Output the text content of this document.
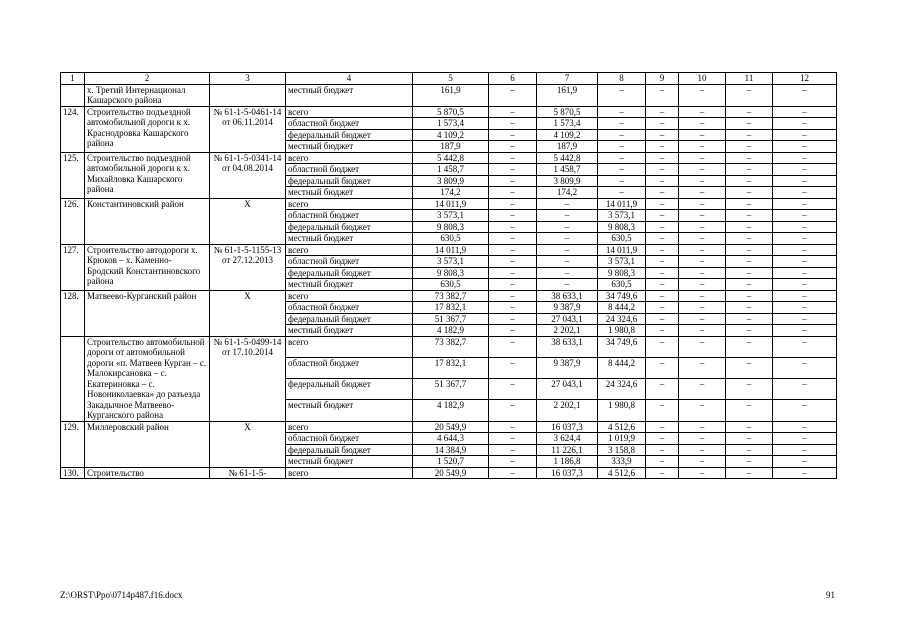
1	2	3	4	5	6	7	8	9	10	11	12
	х. Третий Интернационал Кашарского района		местный бюджет	161,9	–	161,9	–	–	–	–	–
124.	Строительство подъездной автомобильной дороги к х. Краснодровка Кашарского района	№ 61-1-5-0461-14 от 06.11.2014	всего	5 870,5	–	5 870,5	–	–	–	–	–
			областной бюджет	1 573,4	–	1 573,4	–	–	–	–	–
			федеральный бюджет	4 109,2	–	4 109,2	–	–	–	–	–
			местный бюджет	187,9	–	187,9	–	–	–	–	–
125.	Строительство подъездной автомобильной дороги к х. Михайловка Кашарского района	№ 61-1-5-0341-14 от 04.08.2014	всего	5 442,8	–	5 442,8	–	–	–	–	–
			областной бюджет	1 458,7	–	1 458,7	–	–	–	–	–
			федеральный бюджет	3 809,9	–	3 809,9	–	–	–	–	–
			местный бюджет	174,2	–	174,2	–	–	–	–	–
126.	Константиновский район	Х	всего	14 011,9	–	–	14 011,9	–	–	–	–
			областной бюджет	3 573,1	–	–	3 573,1	–	–	–	–
			федеральный бюджет	9 808,3	–	–	9 808,3	–	–	–	–
			местный бюджет	630,5	–	–	630,5	–	–	–	–
127.	Строительство автодороги х. Крюков – х. Каменно-Бродский Константиновского района	№ 61-1-5-1155-13 от 27.12.2013	всего	14 011,9	–	–	14 011,9	–	–	–	–
			областной бюджет	3 573,1	–	–	3 573,1	–	–	–	–
			федеральный бюджет	9 808,3	–	–	9 808,3	–	–	–	–
			местный бюджет	630,5	–	–	630,5	–	–	–	–
128.	Матвеево-Курганский район	Х	всего	73 382,7	–	38 633,1	34 749,6	–	–	–	–
			областной бюджет	17 832,1	–	9 387,9	8 444,2	–	–	–	–
			федеральный бюджет	51 367,7	–	27 043,1	24 324,6	–	–	–	–
			местный бюджет	4 182,9	–	2 202,1	1 980,8	–	–	–	–
	Строительство автомобильной дороги от автомобильной дороги «п. Матвеев Курган – с. Малокирсановка – с. Екатериновка – с. Новониколаевка» до разъезда Закадычное Матвеево-Курганского района	№ 61-1-5-0499-14 от 17.10.2014	всего	73 382,7	–	38 633,1	34 749,6	–	–	–	–
			областной бюджет	17 832,1	–	9 387,9	8 444,2	–	–	–	–
			федеральный бюджет	51 367,7	–	27 043,1	24 324,6	–	–	–	–
			местный бюджет	4 182,9	–	2 202,1	1 980,8	–	–	–	–
129.	Миллеровский район	Х	всего	20 549,9	–	16 037,3	4 512,6	–	–	–	–
			областной бюджет	4 644,3	–	3 624,4	1 019,9	–	–	–	–
			федеральный бюджет	14 384,9	–	11 226,1	3 158,8	–	–	–	–
			местный бюджет	1 520,7	–	1 186,8	333,9	–	–	–	–
130.	Строительство	№ 61-1-5-	всего	20 549,9	–	16 037,3	4 512,6	–	–	–	–
Z:\ORST\Ppo\0714p487.f16.docx	91
